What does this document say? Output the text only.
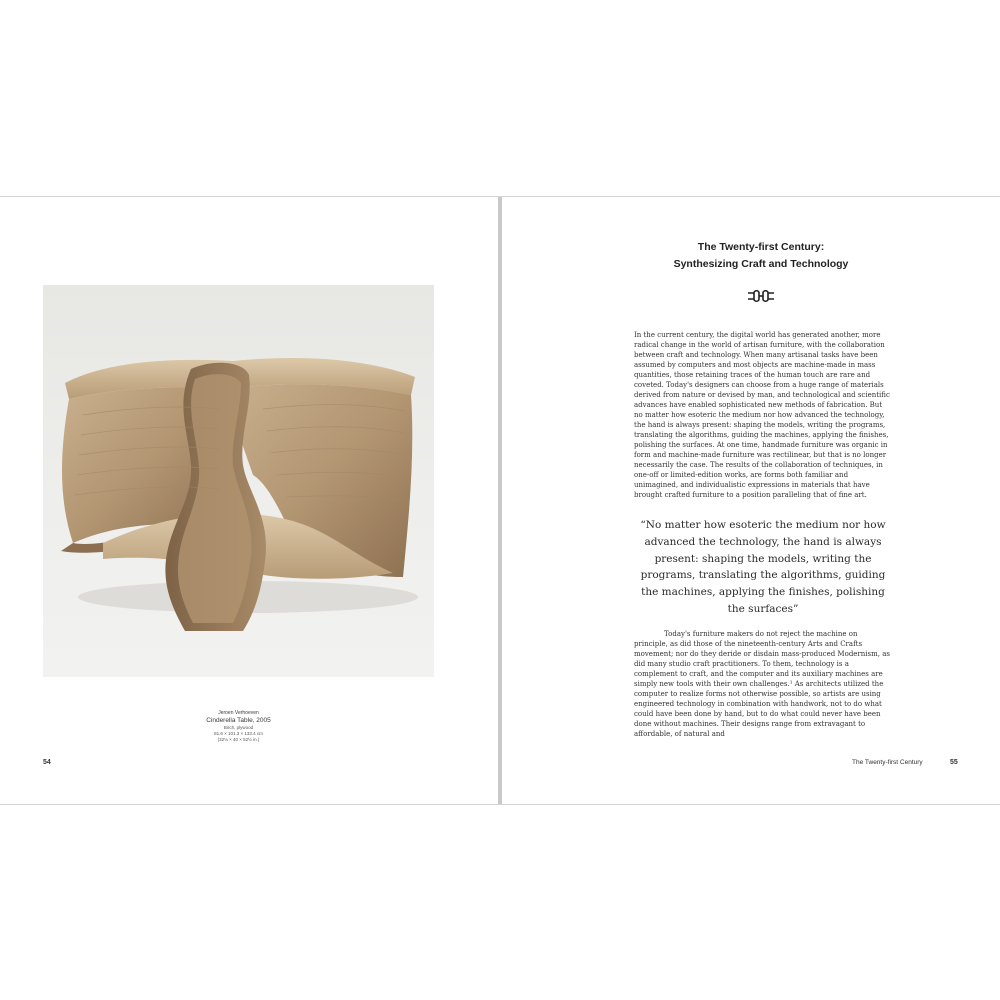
Jeroen Verhoeven
Cinderella Table, 2005
Birch, plywood
81.6 × 101.3 × 133.4 cm
(32⅛ × 40 × 52½ in.)
54
The Twenty-first Century:
Synthesizing Craft and Technology

In the current century, the digital world has generated another, more radical change in the world of artisan furniture, with the collaboration between craft and technology. When many artisanal tasks have been assumed by computers and most objects are machine-made in mass quantities, those retaining traces of the human touch are rare and coveted. Today's designers can choose from a huge range of materials derived from nature or devised by man, and technological and scientific advances have enabled sophisticated new methods of fabrication. But no matter how esoteric the medium nor how advanced the technology, the hand is always present: shaping the models, writing the programs, translating the algorithms, guiding the machines, applying the finishes, polishing the surfaces. At one time, handmade furniture was organic in form and machine-made furniture was rectilinear, but that is no longer necessarily the case. The results of the collaboration of techniques, in one-off or limited-edition works, are forms both familiar and unimagined, and individualistic expressions in materials that have brought crafted furniture to a position paralleling that of fine art.

“No matter how esoteric the medium nor how advanced the technology, the hand is always present: shaping the models, writing the programs, translating the algorithms, guiding the machines, applying the finishes, polishing the surfaces”

Today's furniture makers do not reject the machine on principle, as did those of the nineteenth-century Arts and Crafts movement; nor do they deride or disdain mass-produced Modernism, as did many studio craft practitioners. To them, technology is a complement to craft, and the computer and its auxiliary machines are simply new tools with their own challenges.¹ As architects utilized the computer to realize forms not otherwise possible, so artists are using engineered technology in combination with handwork, not to do what could have been done by hand, but to do what could never have been done without machines. Their designs range from extravagant to affordable, of natural and

The Twenty-first Century	55
